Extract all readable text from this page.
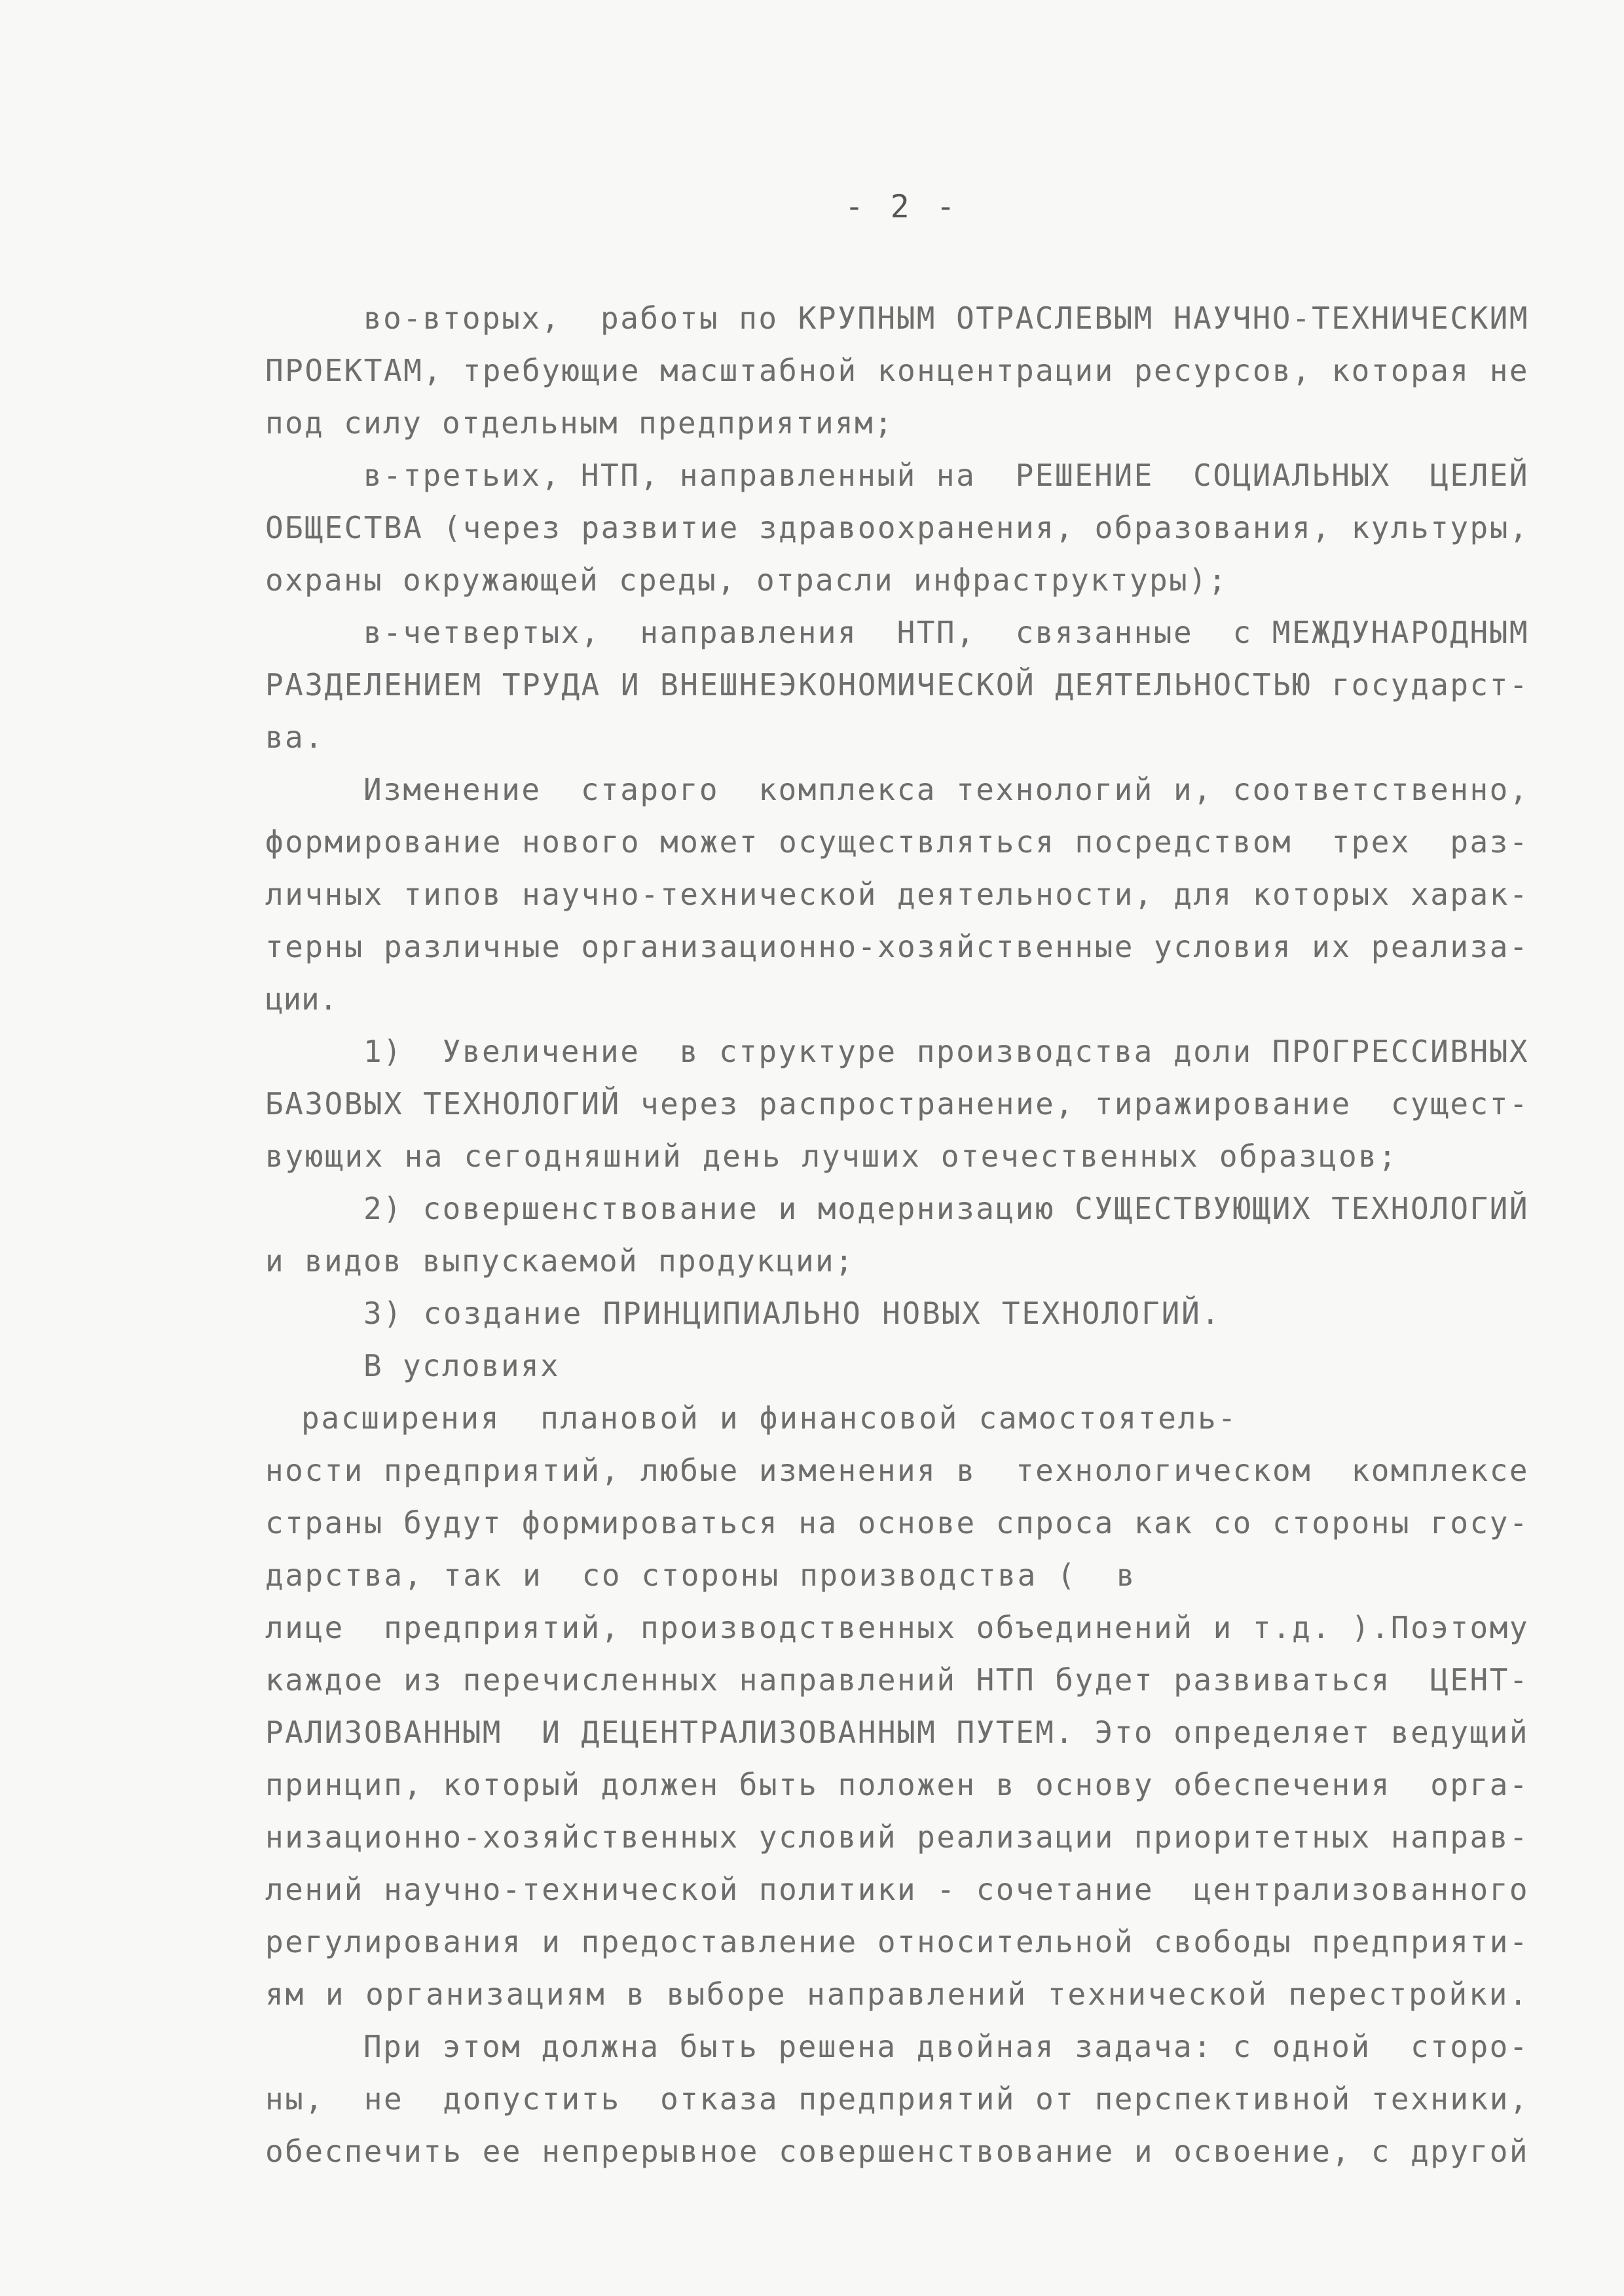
- 2 -
во-вторых,  работы по КРУПНЫМ ОТРАСЛЕВЫМ НАУЧНО-ТЕХНИЧЕСКИМ
ПРОЕКТАМ, требующие масштабной концентрации ресурсов, которая не
под силу отдельным предприятиям;
в-третьих, НТП, направленный на  РЕШЕНИЕ  СОЦИАЛЬНЫХ  ЦЕЛЕЙ
ОБЩЕСТВА (через развитие здравоохранения, образования, культуры,
охраны окружающей среды, отрасли инфраструктуры);
в-четвертых,  направления  НТП,  связанные  с МЕЖДУНАРОДНЫМ
РАЗДЕЛЕНИЕМ ТРУДА И ВНЕШНЕЭКОНОМИЧЕСКОЙ ДЕЯТЕЛЬНОСТЬЮ государст-
ва.
Изменение  старого  комплекса технологий и, соответственно,
формирование нового может осуществляться посредством  трех  раз-
личных типов научно-технической деятельности, для которых харак-
терны различные организационно-хозяйственные условия их реализа-
ции.
1)  Увеличение  в структуре производства доли ПРОГРЕССИВНЫХ
БАЗОВЫХ ТЕХНОЛОГИЙ через распространение, тиражирование  сущест-
вующих на сегодняшний день лучших отечественных образцов;
2) совершенствование и модернизацию СУЩЕСТВУЮЩИХ ТЕХНОЛОГИЙ
и видов выпускаемой продукции;
3) создание ПРИНЦИПИАЛЬНО НОВЫХ ТЕХНОЛОГИЙ.
В условиях
расширения  плановой и финансовой самостоятель-
ности предприятий, любые изменения в  технологическом  комплексе
страны будут формироваться на основе спроса как со стороны госу-
дарства, так и  со стороны производства (  в
лице  предприятий, производственных объединений и т.д. ).Поэтому
каждое из перечисленных направлений НТП будет развиваться  ЦЕНТ-
РАЛИЗОВАННЫМ  И ДЕЦЕНТРАЛИЗОВАННЫМ ПУТЕМ. Это определяет ведущий
принцип, который должен быть положен в основу обеспечения  орга-
низационно-хозяйственных условий реализации приоритетных направ-
лений научно-технической политики - сочетание  централизованного
регулирования и предоставление относительной свободы предприяти-
ям и организациям в выборе направлений технической перестройки.
При этом должна быть решена двойная задача: с одной  сторо-
ны,  не  допустить  отказа предприятий от перспективной техники,
обеспечить ее непрерывное совершенствование и освоение, с другой
